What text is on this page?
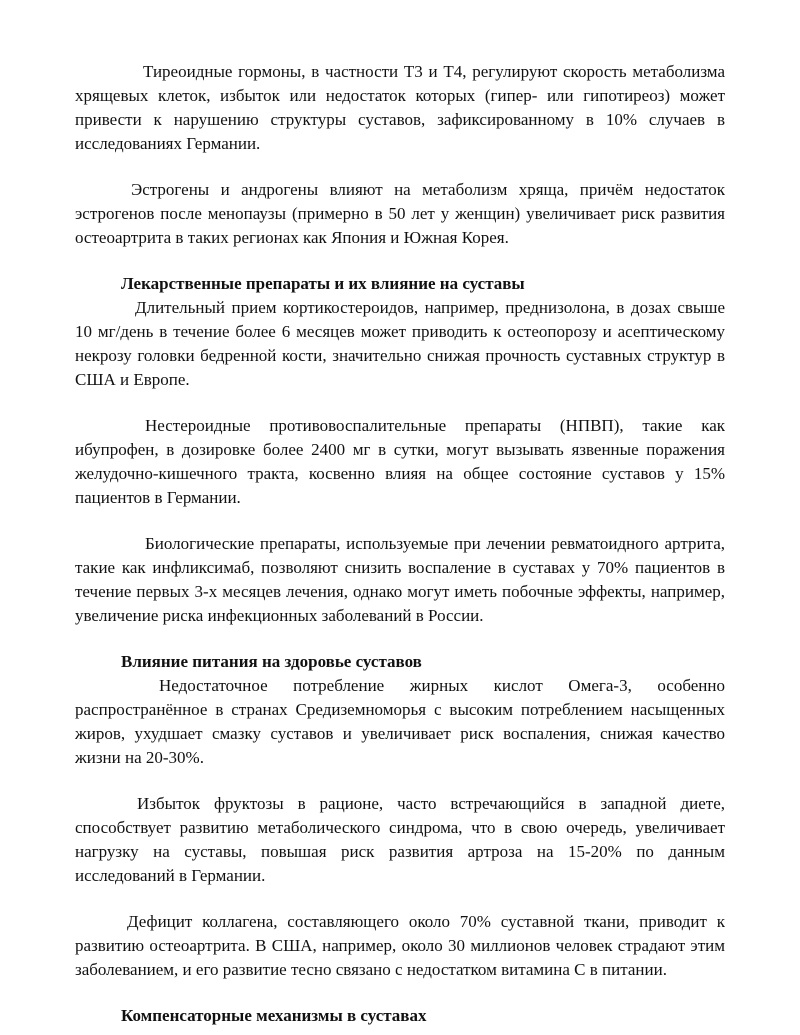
Тиреоидные гормоны, в частности Т3 и Т4, регулируют скорость метаболизма хрящевых клеток, избыток или недостаток которых (гипер- или гипотиреоз) может привести к нарушению структуры суставов, зафиксированному в 10% случаев в исследованиях Германии.

Эстрогены и андрогены влияют на метаболизм хряща, причём недостаток эстрогенов после менопаузы (примерно в 50 лет у женщин) увеличивает риск развития остеоартрита в таких регионах как Япония и Южная Корея.

Лекарственные препараты и их влияние на суставы

Длительный прием кортикостероидов, например, преднизолона, в дозах свыше 10 мг/день в течение более 6 месяцев может приводить к остеопорозу и асептическому некрозу головки бедренной кости, значительно снижая прочность суставных структур в США и Европе.

Нестероидные противовоспалительные препараты (НПВП), такие как ибупрофен, в дозировке более 2400 мг в сутки, могут вызывать язвенные поражения желудочно-кишечного тракта, косвенно влияя на общее состояние суставов у 15% пациентов в Германии.

Биологические препараты, используемые при лечении ревматоидного артрита, такие как инфликсимаб, позволяют снизить воспаление в суставах у 70% пациентов в течение первых 3-х месяцев лечения, однако могут иметь побочные эффекты, например, увеличение риска инфекционных заболеваний в России.

Влияние питания на здоровье суставов

Недостаточное потребление жирных кислот Омега-3, особенно распространённое в странах Средиземноморья с высоким потреблением насыщенных жиров, ухудшает смазку суставов и увеличивает риск воспаления, снижая качество жизни на 20-30%.

Избыток фруктозы в рационе, часто встречающийся в западной диете, способствует развитию метаболического синдрома, что в свою очередь, увеличивает нагрузку на суставы, повышая риск развития артроза на 15-20% по данным исследований в Германии.

Дефицит коллагена, составляющего около 70% суставной ткани, приводит к развитию остеоартрита. В США, например, около 30 миллионов человек страдают этим заболеванием, и его развитие тесно связано с недостатком витамина С в питании.

Компенсаторные механизмы в суставах
